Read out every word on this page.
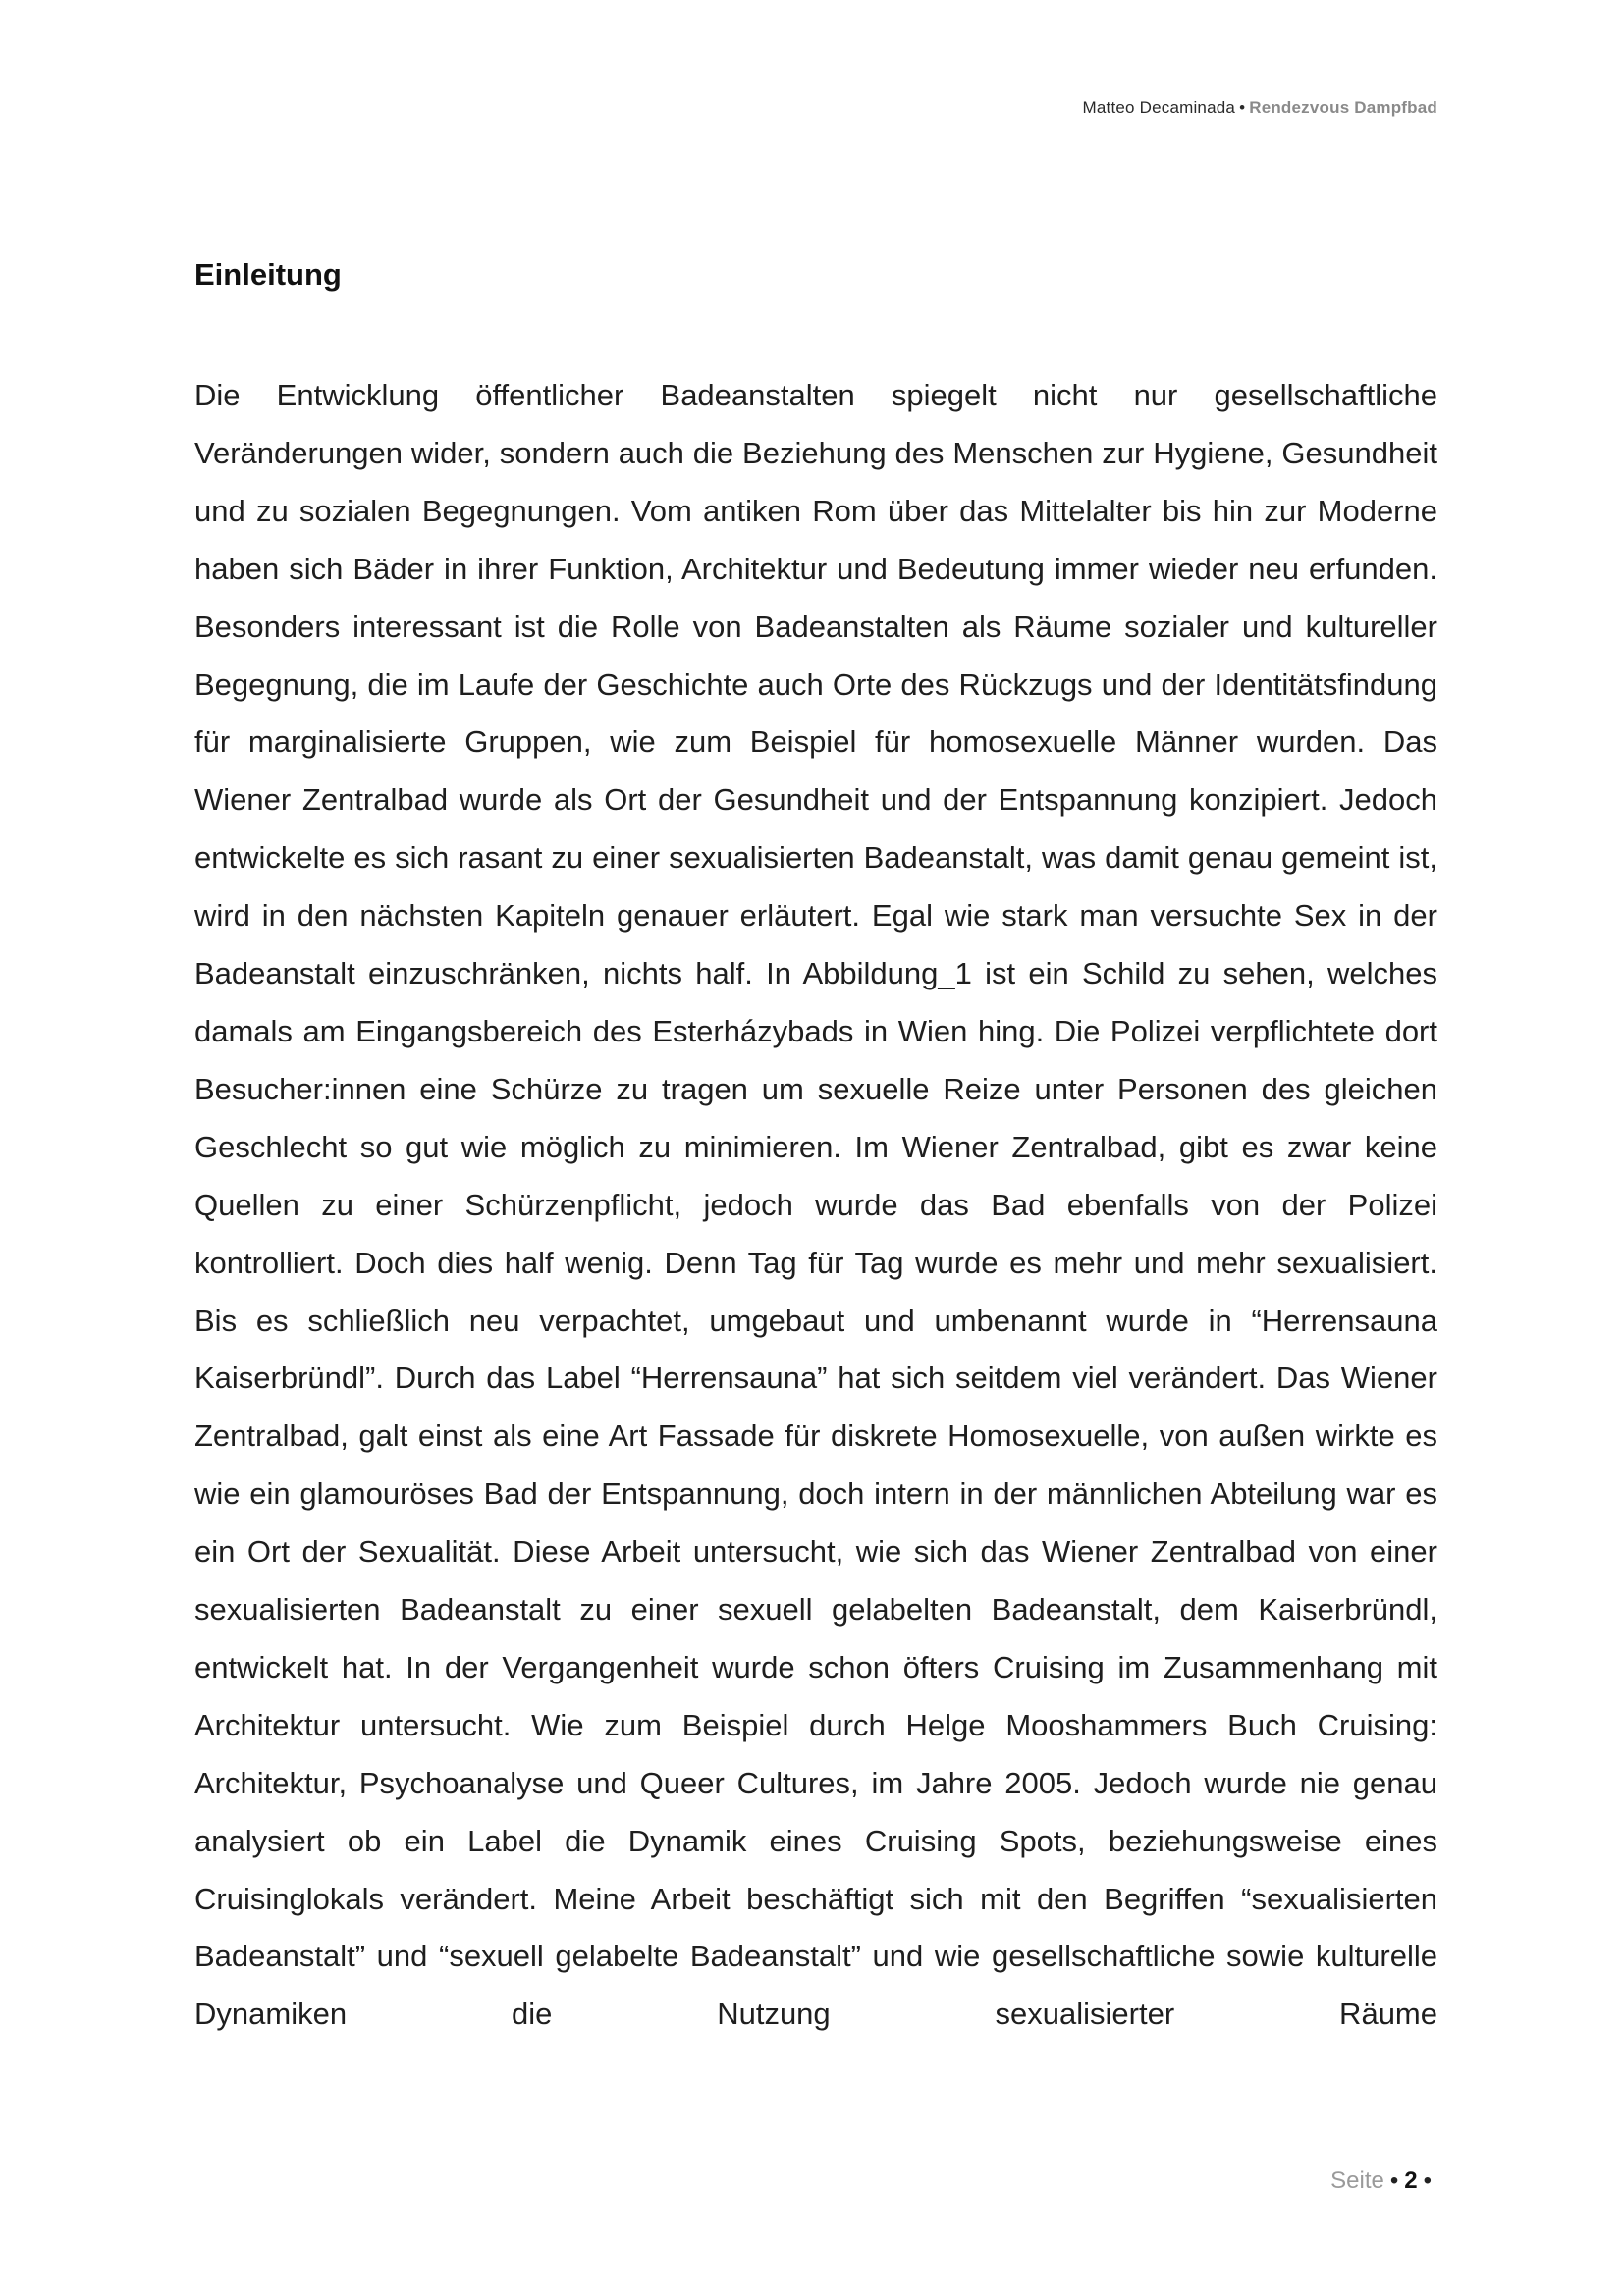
Matteo Decaminada • Rendezvous Dampfbad
Einleitung

Die Entwicklung öffentlicher Badeanstalten spiegelt nicht nur gesellschaftliche Veränderungen wider, sondern auch die Beziehung des Menschen zur Hygiene, Gesundheit und zu sozialen Begegnungen. Vom antiken Rom über das Mittelalter bis hin zur Moderne haben sich Bäder in ihrer Funktion, Architektur und Bedeutung immer wieder neu erfunden. Besonders interessant ist die Rolle von Badeanstalten als Räume sozialer und kultureller Begegnung, die im Laufe der Geschichte auch Orte des Rückzugs und der Identitätsfindung für marginalisierte Gruppen, wie zum Beispiel für homosexuelle Männer wurden. Das Wiener Zentralbad wurde als Ort der Gesundheit und der Entspannung konzipiert. Jedoch entwickelte es sich rasant zu einer sexualisierten Badeanstalt, was damit genau gemeint ist, wird in den nächsten Kapiteln genauer erläutert. Egal wie stark man versuchte Sex in der Badeanstalt einzuschränken, nichts half. In Abbildung_1 ist ein Schild zu sehen, welches damals am Eingangsbereich des Esterházybads in Wien hing. Die Polizei verpflichtete dort Besucher:innen eine Schürze zu tragen um sexuelle Reize unter Personen des gleichen Geschlecht so gut wie möglich zu minimieren. Im Wiener Zentralbad, gibt es zwar keine Quellen zu einer Schürzenpflicht, jedoch wurde das Bad ebenfalls von der Polizei kontrolliert. Doch dies half wenig. Denn Tag für Tag wurde es mehr und mehr sexualisiert. Bis es schließlich neu verpachtet, umgebaut und umbenannt wurde in “Herrensauna Kaiserbründl”. Durch das Label “Herrensauna” hat sich seitdem viel verändert. Das Wiener Zentralbad, galt einst als eine Art Fassade für diskrete Homosexuelle, von außen wirkte es wie ein glamouröses Bad der Entspannung, doch intern in der männlichen Abteilung war es ein Ort der Sexualität. Diese Arbeit untersucht, wie sich das Wiener Zentralbad von einer sexualisierten Badeanstalt zu einer sexuell gelabelten Badeanstalt, dem Kaiserbründl, entwickelt hat. In der Vergangenheit wurde schon öfters Cruising im Zusammenhang mit Architektur untersucht. Wie zum Beispiel durch Helge Mooshammers Buch Cruising: Architektur, Psychoanalyse und Queer Cultures, im Jahre 2005. Jedoch wurde nie genau analysiert ob ein Label die Dynamik eines Cruising Spots, beziehungsweise eines Cruisinglokals verändert. Meine Arbeit beschäftigt sich mit den Begriffen “sexualisierten Badeanstalt” und “sexuell gelabelte Badeanstalt” und wie gesellschaftliche sowie kulturelle Dynamiken die Nutzung sexualisierter Räume

Seite • 2 •
